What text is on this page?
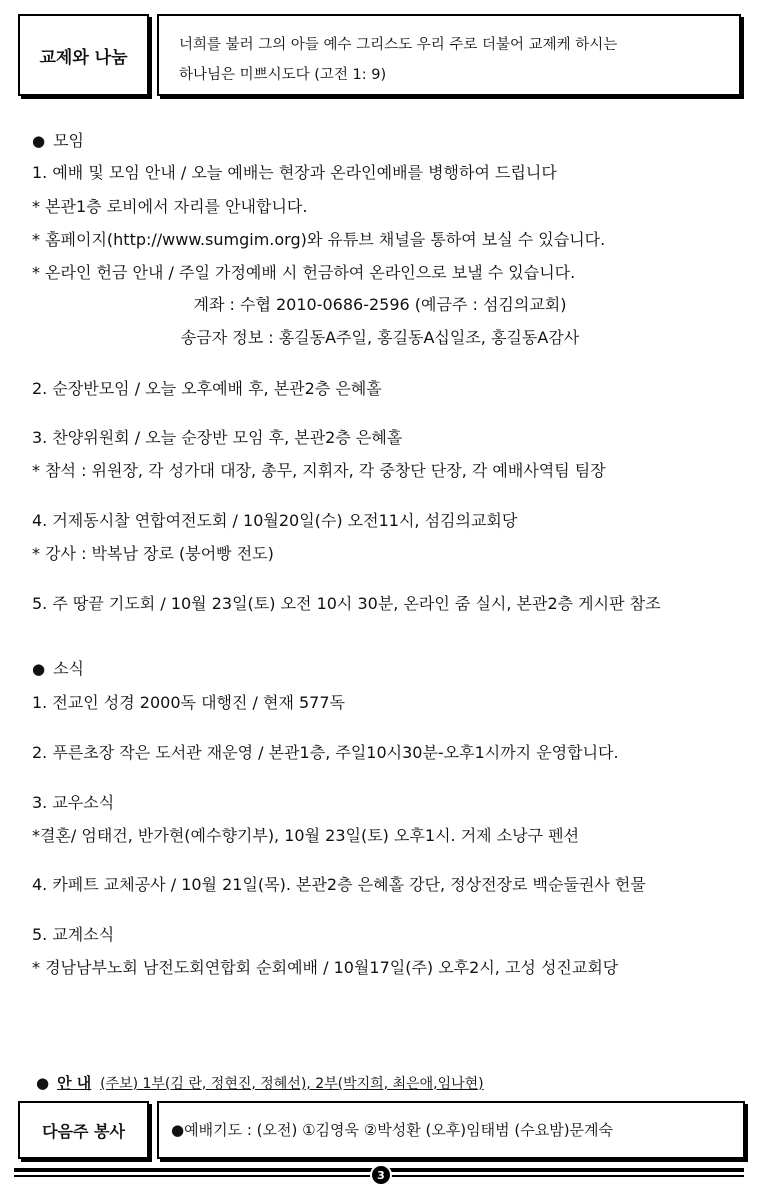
교제와 나눔
너희를 불러 그의 아들 예수 그리스도 우리 주로 더불어 교제케 하시는
하나님은 미쁘시도다 (고전 1: 9)
● 모임
1. 예배 및 모임 안내 / 오늘 예배는 현장과 온라인예배를 병행하여 드립니다
* 본관1층 로비에서 자리를 안내합니다.
* 홈페이지(http://www.sumgim.org)와 유튜브 채널을 통하여 보실 수 있습니다.
* 온라인 헌금 안내 / 주일 가정예배 시 헌금하여 온라인으로 보낼 수 있습니다.
계좌 : 수협 2010-0686-2596 (예금주 : 섬김의교회)
송금자 정보 : 홍길동A주일, 홍길동A십일조, 홍길동A감사
2. 순장반모임 / 오늘 오후예배 후, 본관2층 은혜홀
3. 찬양위원회 / 오늘 순장반 모임 후, 본관2층 은혜홀
* 참석 : 위원장, 각 성가대 대장, 총무, 지휘자, 각 중창단 단장, 각 예배사역팀 팀장
4. 거제동시찰 연합여전도회 / 10월20일(수) 오전11시, 섬김의교회당
* 강사 : 박복남 장로 (붕어빵 전도)
5. 주 땅끝 기도회 / 10월 23일(토) 오전 10시 30분, 온라인 줌 실시, 본관2층 게시판 참조
● 소식
1. 전교인 성경 2000독 대행진 / 현재 577독
2. 푸른초장 작은 도서관 재운영 / 본관1층, 주일10시30분-오후1시까지 운영합니다.
3. 교우소식
*결혼/ 엄태건, 반가현(예수향기부), 10월 23일(토) 오후1시. 거제 소낭구 펜션
4. 카페트 교체공사 / 10월 21일(목). 본관2층 은혜홀 강단, 정상전장로 백순둘권사 헌물
5. 교계소식
* 경남남부노회 남전도회연합회 순회예배 / 10월17일(주) 오후2시, 고성 성진교회당
● 안 내 (주보) 1부(김 란, 정현진, 정혜선), 2부(박지희, 최은애,임나현)
다음주 봉사	●예배기도 : (오전) ①김영욱 ②박성환 (오후)임태범 (수요밤)문계숙
3
